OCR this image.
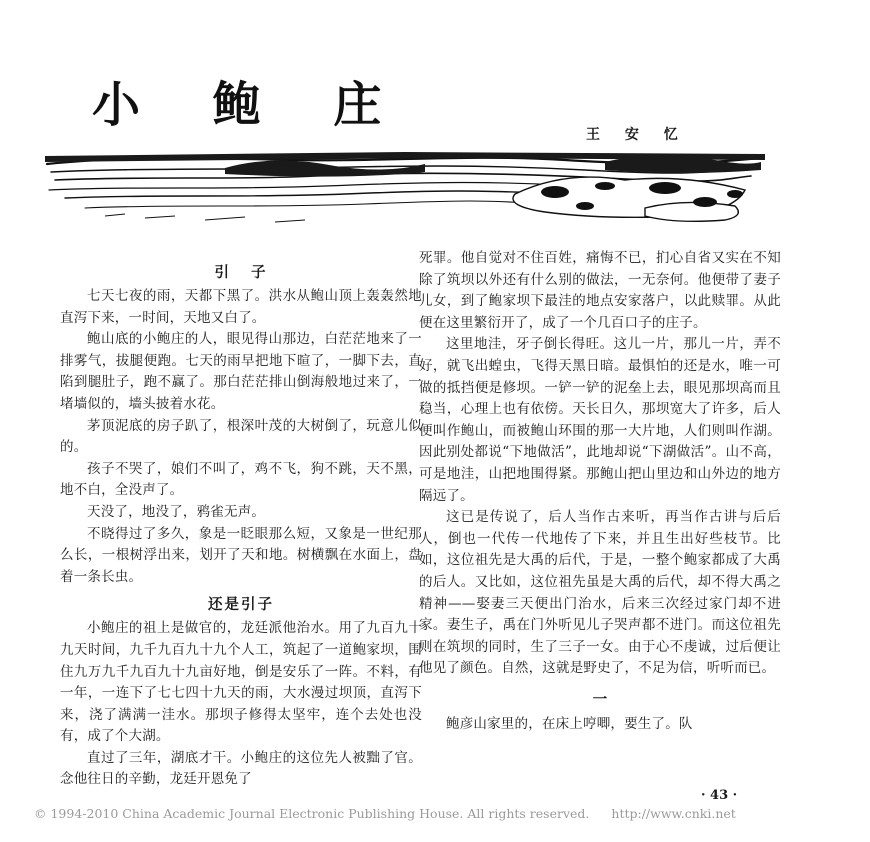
小 鲍 庄
王 安 忆

引子

七天七夜的雨，天都下黑了。洪水从鲍山顶上轰轰然地直泻下来，一时间，天地又白了。

鲍山底的小鲍庄的人，眼见得山那边，白茫茫地来了一排雾气，拔腿便跑。七天的雨早把地下暄了，一脚下去，直陷到腿肚子，跑不赢了。那白茫茫排山倒海般地过来了，一堵墙似的，墙头披着水花。

茅顶泥底的房子趴了，根深叶茂的大树倒了，玩意儿似的。

孩子不哭了，娘们不叫了，鸡不飞，狗不跳，天不黑，地不白，全没声了。

天没了，地没了，鸦雀无声。

不晓得过了多久，象是一眨眼那么短，又象是一世纪那么长，一根树浮出来，划开了天和地。树横飘在水面上，盘着一条长虫。

还是引子

小鲍庄的祖上是做官的，龙廷派他治水。用了九百九十九天时间，九千九百九十九个人工，筑起了一道鲍家坝，围住九万九千九百九十九亩好地，倒是安乐了一阵。不料，有一年，一连下了七七四十九天的雨，大水漫过坝顶，直泻下来，浇了满满一洼水。那坝子修得太坚牢，连个去处也没有，成了个大湖。

直过了三年，湖底才干。小鲍庄的这位先人被黜了官。念他往日的辛勤，龙廷开恩免了

死罪。他自觉对不住百姓，痛悔不已，扪心自省又实在不知除了筑坝以外还有什么别的做法，一无奈何。他便带了妻子儿女，到了鲍家坝下最洼的地点安家落户，以此赎罪。从此便在这里繁衍开了，成了一个几百口子的庄子。

这里地洼，牙子倒长得旺。这儿一片，那儿一片，弄不好，就飞出蝗虫，飞得天黑日暗。最惧怕的还是水，唯一可做的抵挡便是修坝。一铲一铲的泥垒上去，眼见那坝高而且稳当，心理上也有依傍。天长日久，那坝宽大了许多，后人便叫作鲍山，而被鲍山环围的那一大片地，人们则叫作湖。因此别处都说“下地做活”，此地却说“下湖做活”。山不高，可是地洼，山把地围得紧。那鲍山把山里边和山外边的地方隔远了。

这已是传说了，后人当作古来听，再当作古讲与后后人，倒也一代传一代地传了下来，并且生出好些枝节。比如，这位祖先是大禹的后代，于是，一整个鲍家都成了大禹的后人。又比如，这位祖先虽是大禹的后代，却不得大禹之精神——娶妻三天便出门治水，后来三次经过家门却不进家。妻生子，禹在门外听见儿子哭声都不进门。而这位祖先则在筑坝的同时，生了三子一女。由于心不虔诚，过后便让他见了颜色。自然，这就是野史了，不足为信，听听而已。

一

鲍彦山家里的，在床上哼唧，要生了。队

· 43 ·
© 1994-2010 China Academic Journal Electronic Publishing House. All rights reserved. http://www.cnki.net
